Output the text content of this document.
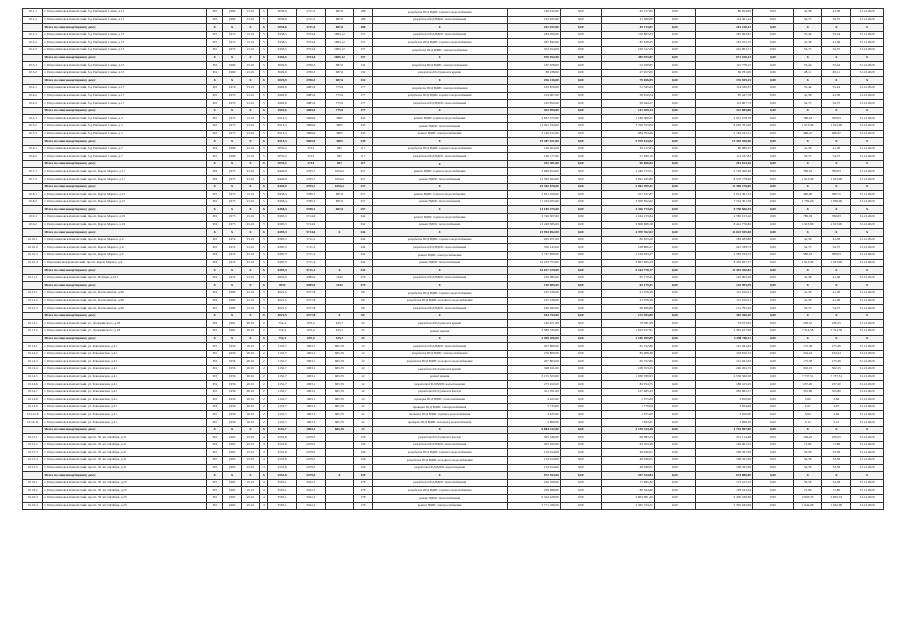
10.1.1	г. Петропавловск-Камчатский, б-р Рыбацкой Славы, д.11	РО	1969	15.01	5	3030,6	2711,5	687,6	180	разработка ПСД ВДИС горячего водоснабжения	126 012,00	0,00	20 157,00	0,00	86 854,00	0,00	41,38	41,38	31.12.2020
10.1.2	г. Петропавловск-Камчатский, б-р Рыбацкой Славы, д.11	РО	1969	15.01	5	3030,6	2711,5	687,6	180	разработка ПСД ВДИС теплоснабжения	165 925,00	0,00	31 580,00	0,00	114 361,12	0,00	54,75	54,75	31.12.2020
	Итого по многоквартирному дому:	X	X	X	X	3030,6	2711,5	687,6	180	X	291 937,00	0,00	49 714,87	0,00	201 218,13	0,00	X	X	X
10.2.1	г. Петропавловск-Камчатский, б-р Рыбацкой Славы, д.13	РО	1972	15.01	5	3436,5	3754,4	1685,12	157	разработка ПСД ВДИС теплоснабжения	184 056,00	0,00	110 803,33	0,00	265 963,67	0,00	55,44	55,44	31.12.2020
10.2.2	г. Петропавловск-Камчатский, б-р Рыбацкой Славы, д.13	РО	1972	15.01	5	3436,5	3754,4	1685,12	157	разработка ПСД ВДИС горячего водоснабжения	267 842,00	0,00	85 818,25	0,00	181 472,75	0,00	41,38	41,38	31.12.2020
10.2.3	г. Петропавловск-Камчатский, б-р Рыбацкой Славы, д.13	РО	1972	15.01	5	3436,5	3754,4	1685,12	157	разработка ПСД ВДИС электроснабжения	332 454,00	0,00	109 312,29	0,00	242 903,71	0,00	54,75	54,75	31.12.2020
	Итого по многоквартирному дому:	X	X	X	X	3436,5	3754,4	1685,12	157	X	976 952,00	0,00	305 933,87	0,00	671 228,13	0,00	X	X	X
10.3.1	г. Петропавловск-Камчатский, б-р Рыбацкой Славы, д.15	РО	1969	15.01	5	3029,9	2706,3	687,6	132	разработка ПСД ВДИС электроснабжения	167 978,00	0,00	52 199,85	0,00	115 778,15	0,00	55,44	55,44	31.12.2020
10.3.2	г. Петропавловск-Камчатский, б-р Рыбацкой Славы, д.15	РО	1969	15.01	5	3029,9	2706,3	687,6	132	разработка ПСД ремонта крыши	88 238,00	0,00	27 457,00	0,00	60 781,00	0,00	28,11	28,11	31.12.2020
	Итого по многоквартирному дому:	X	X	X	X	3029,9	2706,3	687,6	132	X	256 216,00	0,00	79 656,85	0,00	176 559,15	0,00	X	X	X
10.4.1	г. Петропавловск-Камчатский, б-р Рыбацкой Славы, д.17	РО	1970	15.01	5	2992,6	2685,9	775,9	177	разработка ПСД ВДИС электроснабжения	165 876,00	0,00	51 545,63	0,00	114 330,37	0,00	55,44	55,44	31.12.2020
10.4.2	г. Петропавловск-Камчатский, б-р Рыбацкой Славы, д.17	РО	1970	15.01	5	2992,6	2685,9	775,9	177	разработка ПСД ВДИС горячего водоснабжения	124 067,00	0,00	38 619,24	0,00	85 447,76	0,00	41,38	41,38	31.12.2020
10.4.3	г. Петропавловск-Камчатский, б-р Рыбацкой Славы, д.17	РО	1970	15.01	5	2992,6	2685,9	775,9	177	разработка ПСД ВДИС теплоснабжения	163 852,00	0,00	50 944,27	0,00	112 907,73	0,00	54,75	54,75	31.12.2020
	Итого по многоквартирному дому:	X	X	X	X	2992,6	2685,9	775,9	177	X	453 995,00	0,00	141 109,14	0,00	312 885,86	0,00	X	X	X
10.5.1	г. Петропавловск-Камчатский, б-р Рыбацкой Славы, д.3	РО	1975	15.01	5	6514,3	5669,9	3605	345	ремонт ВДИС горячего водоснабжения	3 837 575,00	0,00	1 186 306,21	0,00	2 651 278,79	0,00	780,03	780,03	31.12.2020
10.5.2	г. Петропавловск-Камчатский, б-р Рыбацкой Славы, д.3	РО	1975	15.01	5	6514,3	5669,9	3605	345	ремонт ВДИС теплоснабжения	12 401 334,00	0,00	3 799 553,00	0,00	8 602 781,00	0,00	1 913,99	1 913,99	31.12.2020
10.5.3	г. Петропавловск-Камчатский, б-р Рыбацкой Славы, д.3	РО	1975	15.01	5	6514,3	5669,9	3605	345	ремонт ВДИС электроснабжения	3 149 012,00	0,00	984 764,49	0,00	2 164 247,51	0,00	486,47	486,47	31.12.2020
	Итого по многоквартирному дому:	X	X	X	X	6514,3	5669,9	3605	345	X	19 387 921,00	0,00	5 970 614,02	0,00	13 418 306,98	0,00	X	X	X
10.6.1	г. Петропавловск-Камчатский, б-р Рыбацкой Славы, д.7	РО	1969	15.01	5	3035,2	2714	697	117	разработка ПСД ВДИС горячего водоснабжения	126 204,00	0,00	39 217,65	0,00	86 986,35	0,00	41,38	41,38	31.12.2020
10.6.2	г. Петропавловск-Камчатский, б-р Рыбацкой Славы, д.7	РО	1969	15.01	5	3035,2	2714	697	117	разработка ПСД ВДИС теплоснабжения	166 177,00	0,00	51 639,19	0,00	114 537,81	0,00	54,75	54,75	31.12.2020
	Итого по многоквартирному дому:	X	X	X	X	3035,2	2714	697	117	X	292 381,00	0,00	90 856,84	0,00	201 524,16	0,00	X	X	X
10.7.1	г. Петропавловск-Камчатский, просп. Карла Маркса, д.11	РО	1975	15.01	5	6449,9	5795,7	1654,2	257	ремонт ВДИС горячего водоснабжения	3 969 654,00	0,00	1 240 153,51	0,00	2 729 500,49	0,00	780,03	780,03	31.12.2020
10.7.2	г. Петропавловск-Камчатский, просп. Карла Маркса, д.11	РО	1975	15.01	5	6449,9	5795,7	1654,2	257	ремонт ВДИС теплоснабжения	12 393 024,00	0,00	3 822 245,80	0,00	8 570 778,20	0,00	1 913,99	1 913,99	31.12.2020
	Итого по многоквартирному дому:	X	X	X	X	6449,9	5795,7	1654,2	257	X	16 362 678,00	0,00	5 062 399,31	0,00	11 300 278,69	0,00	X	X	X
10.8.1	г. Петропавловск-Камчатский, просп. Карла Маркса, д.15	РО	1975	15.01	5	6458,4	5780,1	687,6	257	ремонт ВДИС горячего водоснабжения	2 931 450,00	0,00	917 147,87	0,00	2 014 302,13	0,00	460,00	580,75	31.12.2020
10.8.2	г. Петропавловск-Камчатский, просп. Карла Маркса, д.15	РО	1975	15.01	5	6458,4	5780,1	687,6	257	ремонт ВДИС теплоснабжения	11 253 925,00	0,00	3 509 502,62	0,00	7 744 301,38	0,00	1 782,00	1 936,00	31.12.2020
	Итого по многоквартирному дому:	X	X	X	X	6458,4	5780,1	687,6	257	X	14 185 375,00	0,00	4 426 774,65	0,00	9 758 600,35	0,00	X	X	X
10.9.1	г. Петропавловск-Камчатский, просп. Карла Маркса, д.19	РО	1975	15.01	5	6395,3	5714,6		342	ремонт ВДИС горячего водоснабжения	3 746 307,00	0,00	1 164 153,84	0,00	2 582 153,16	0,00	780,03	780,03	31.12.2020
10.9.2	г. Петропавловск-Камчатский, просп. Карла Маркса, д.19	РО	1975	15.01	5	6395,3	5714,6		342	ремонт ВДИС теплоснабжения	12 248 385,00	0,00	3 806 608,18	0,00	8 441 776,82	0,00	1 913,99	1 913,99	31.12.2020
	Итого по многоквартирному дому:	X	X	X	X	6395,3	5714,6	X	342	X	15 994 692,00	0,00	4 970 762,02	0,00	11 023 929,98	0,00	X	X	X
10.10.1	г. Петропавловск-Камчатский, просп. Карла Маркса, д.9	РО	1974	15.01	5	6395,3	5711,2		342	разработка ПСД ВДИС горячего водоснабжения	265 971,00	0,00	82 653,20	0,00	183 283,80	0,00	41,38	41,38	31.12.2020
10.10.2	г. Петропавловск-Камчатский, просп. Карла Маркса, д.9	РО	1974	15.01	5	6395,3	5711,2		342	разработка ПСД ВДИС теплоснабжения	350 145,00	0,00	108 806,27	0,00	241 338,73	0,00	54,75	54,75	31.12.2020
10.10.3	г. Петропавловск-Камчатский, просп. Карла Маркса, д.9	РО	1974	15.01	5	6395,3	5711,2		342	ремонт ВДИС электроснабжения	3 747 858,00	0,00	1 164 633,27	0,00	2 583 224,73	0,00	586,03	586,03	31.12.2020
10.10.4	г. Petропавловск-Камчатский, просп. Карла Маркса, д.9	РО	1974	15.01	5	6395,3	5711,2		342	ремонт ВДИС теплоснабжения	12 233 753,00	0,00	3 801 695,43	0,00	8 432 057,57	0,00	1 913,99	1 913,99	31.12.2020
	Итого по многоквартирному дому:	X	X	X	X	6395,3	5711,2	X	342	X	16 617 229,00	0,00	5 163 778,17	0,00	11 453 450,83	0,00	X	X	X
10.11.1	г. Петропавловск-Камчатский, просп. Победы, д.101	РО	1974	15.01	5	4932,0	4389,9	1442	279	разработка ПСД ВДИС теплоснабжения	210 085,00	0,00	65 179,41	0,00	145 905,59	0,00	41,38	41,38	31.12.2020
	Итого по многоквартирному дому:	X	X	X	X	4932	4389,9	1442	279	X	210 085,00	0,00	65 179,41	0,00	145 905,59	0,00	X	X	X
10.12.1	г. Петропавловск-Камчатский, просп. Космонавтов, д.48	РО	1980	15.01	5	4022,5	3577,8		69	разработка ПСД ВДИС горячего водоснабжения	167 236,00	0,00	51 976,49	0,00	115 259,51	0,00	41,38	41,38	31.12.2020
10.12.2	г. Петропавловск-Камчатский, просп. Космонавтов, д.48	РО	1980	15.01	5	4022,5	3577,8		69	разработка ПСД ВДИС холодного водоснабжения	167 236,00	0,00	51 976,49	0,00	115 259,51	0,00	41,38	41,38	31.12.2020
10.12.3	г. Петропавловск-Камчатский, просп. Космонавтов, д.48	РО	1980	15.01	5	4022,5	3577,8		69	разработка ПСД ВДИС теплоснабжения	220 282,00	0,00	68 486,80	0,00	151 795,20	0,00	54,75	54,75	31.12.2020
	Итого по многоквартирному дому:	X	X	X	X	4022,5	3577,8	X	69	X	554 754,00	0,00	172 393,80	0,00	382 360,20	0,00	X	X	X
10.13.1	г. Петропавловск-Камчатский, ул. Дзержинского, д.18	РО	1981	20.01	2	752,4	670,4	425,7	35	разработка ПСД ремонта крыши	109 671,00	0,00	76 581,98	0,00	33 073,02	0,00	236,55	236,55	31.12.2020
10.13.2	г. Петропавловск-Камчатский, ул. Дзержинского, д.18	РО	1981	20.01	2	752,4	670,4	425,7	35	ремонт крыши	3 389 535,00	0,00	1 023 917,91	0,00	2 365 617,09	0,00	7 314,58	7 314,58	31.12.2020
	Итого по многоквартирному дому:	X	X	X	X	752,4	670,4	425,7	35	X	3 499 206,00	0,00	1 100 499,89	0,00	2 398 706,11	0,00	X	X	X
10.14.1	г. Петропавловск-Камчатский, ул. Ключевская, д.41	РО	1956	20.01	2	1152,7	1063,1	665,76	12	разработка ПСД ВДИС теплоснабжения	207 860,00	0,00	65 722,86	0,00	141 941,63	0,00	175,36	175,36	31.12.2020
10.14.2	г. Петропавловск-Камчатский, ул. Ключевская, д.41	РО	1956	20.01	2	1152,7	1063,1	665,76	12	разработка ПСД ВДИС электроснабжения	279 809,00	0,00	85 908,38	0,00	193 810,72	0,00	234,24	234,24	31.12.2020
10.14.3	г. Петропавловск-Камчатский, ул. Ключевская, д.41	РО	1956	20.01	2	1152,7	1063,1	665,76	12	разработка ПСД ВДИС холодного водоснабжения	207 803,00	0,00	65 722,86	0,00	141 941,63	0,00	175,36	175,36	31.12.2020
10.14.4	г. Петропавловск-Камчатский, ул. Ключевская, д.41	РО	1956	20.01	2	1152,7	1063,1	665,76	12	разработка ПСД ремонта крыши	348 011,00	0,00	108 353,25	0,00	240 204,75	0,00	302,15	302,15	31.12.2020
10.14.5	г. Петропавловск-Камчатский, ул. Ключевская, д.41	РО	1956	20.01	2	1152,7	1063,1	665,76	12	ремонт крыши	3 155 323,00	0,00	1 030 766,93	0,00	2 556 566,58	0,00	7 737,51	7 737,51	31.12.2020
10.14.6	г. Петропавловск-Камчатский, ул. Ключевская, д.41	РО	1956	20.01	2	1152,7	1063,1	665,76	12	разработка ПСД ВДИС водоотведения	273 450,00	0,00	84 954,75	0,00	188 415,25	0,00	237,20	237,20	31.12.2020
10.14.7	г. Петропавловск-Камчатский, ул. Ключевская, д.41	РО	1956	20.01	2	1152,7	1063,1	665,76	12	разработка ПСД ремонта фасада	411 351,00	0,00	127 485,43	0,00	283 865,57	0,00	355,80	355,80	31.12.2020
10.14.8	г. Петропавловск-Камчатский, ул. Ключевская, д.41	РО	1956	20.01	2	1152,7	1063,1	665,76	12	проверка ПСД ВДИС теплоснабжения	4 425,00	0,00	1 375,00	0,00	3 050,00	0,00	3,84	3,84	31.12.2020
10.14.9	г. Петропавловск-Камчатский, ул. Ключевская, д.41	РО	1956	20.01	2	1152,7	1063,1	665,76	12	проверка ПСД ВДИС электроснабжения	5 733,00	0,00	1 779,00	0,00	3 954,00	0,00	4,97	4,97	31.12.2020
10.14.10	г. Петропавловск-Камчатский, ул. Ключевская, д.41	РО	1956	20.01	2	1152,7	1063,1	665,76	12	проверка ПСД ВДИС горячего водоснабжения	4 425,00	0,00	1 375,00	0,00	3 050,00	0,00	3,84	3,84	31.12.2020
10.14.11	г. Петропавловск-Камчатский, ул. Ключевская, д.41	РО	1956	20.01	2	1152,7	1063,1	665,76	12	проверка ПСД ВДИС холодного водоснабжения	5 800,00	0,00	1 833,41	0,00	4 066,59	0,00	5,12	5,12	31.12.2020
	Итого по многоквартирному дому:	X	X	X	X	1152,7	1063,1	665,76	12	X	6 884 312,00	0,00	2 139 334,48	0,00	4 744 967,00	0,00	X	X	X
10.15.1	г. Петропавловск-Камчатский, просп. 50 лет Октября, д.21	РО	1965	25.01	4	2552,8	2479,5		129	разработка ПСД ремонта фасада	305 546,00	0,00	90 083,33	0,00	215 114,48	0,00	109,25	109,25	31.12.2020
10.15.2	г. Петропавловск-Камчатский, просп. 50 лет Октября, д.21	РО	1965	25.01	4	2552,8	2479,5		129	разработка ПСД ВДИС теплоснабжения	203 165,00	0,00	63 103,48	0,00	140 061,55	0,00	71,86	71,86	31.12.2020
10.15.3	г. Петропавловск-Камчатский, просп. 50 лет Октября, д.21	РО	1965	25.01	4	2552,8	2479,5		129	разработка ПСД ВДИС горячего водоснабжения	154 614,00	0,00	48 046,01	0,00	106 567,99	0,00	54,58	54,58	31.12.2020
10.15.4	г. Петропавловск-Камчатский, просп. 50 лет Октября, д.21	РО	1965	25.01	4	2552,8	2479,5		129	разработка ПСД ВДИС холодного водоснабжения	154 614,00	0,00	48 046,01	0,00	106 567,99	0,00	54,58	54,58	31.12.2020
10.15.5	г. Петропавловск-Камчатский, просп. 50 лет Октября, д.21	РО	1965	25.01	4	2552,8	2479,5		129	разработка ПСД ВДИС водоотведения	154 614,00	0,00	48 046,01	0,00	106 567,99	0,00	54,58	54,58	31.12.2020
	Итого по многоквартирному дому:	X	X	X	X	2552,8	2479,5	X	129	X	972 553,00	0,00	297 324,84	0,00	674 880,00	0,00	X	X	X
10.16.1	г. Петропавловск-Камчатский, просп. 50 лет Октября, д.23	РО	1965	25.01	4	3505,1	3322,1		178	разработка ПСД ВДИС теплоснабжения	250 109,00	0,00	77 695,30	0,00	172 413,70	0,00	54,58	54,58	31.12.2020
10.16.2	г. Петропавловск-Камчатский, просп. 50 лет Октября, д.23	РО	1965	25.01	4	3505,1	3322,1		178	разработка ПСД ВДИС горячего водоснабжения	258 488,00	0,00	80 324,66	0,00	178 163,34	0,00	71,86	71,86	31.12.2020
10.16.3	г. Петропавловск-Камчатский, просп. 50 лет Октября, д.23	РО	1965	25.01	4	3505,1	3322,1		178	ремонт ВДИС теплоснабжения	9 344 428,00	0,00	2 903 991,40	0,00	6 450 436,60	0,00	2 603,33	2 603,33	31.12.2020
10.16.4	г. Петропавловск-Камчатский, просп. 50 лет Октября, д.23	РО	1965	25.01	4	3505,1	3322,1		178	ремонт ВДИС электроснабжения	7 771 180,00	0,00	2 365 734,31	0,00	5 395 445,69	0,00	1 942,09	1 942,09	31.12.2020
